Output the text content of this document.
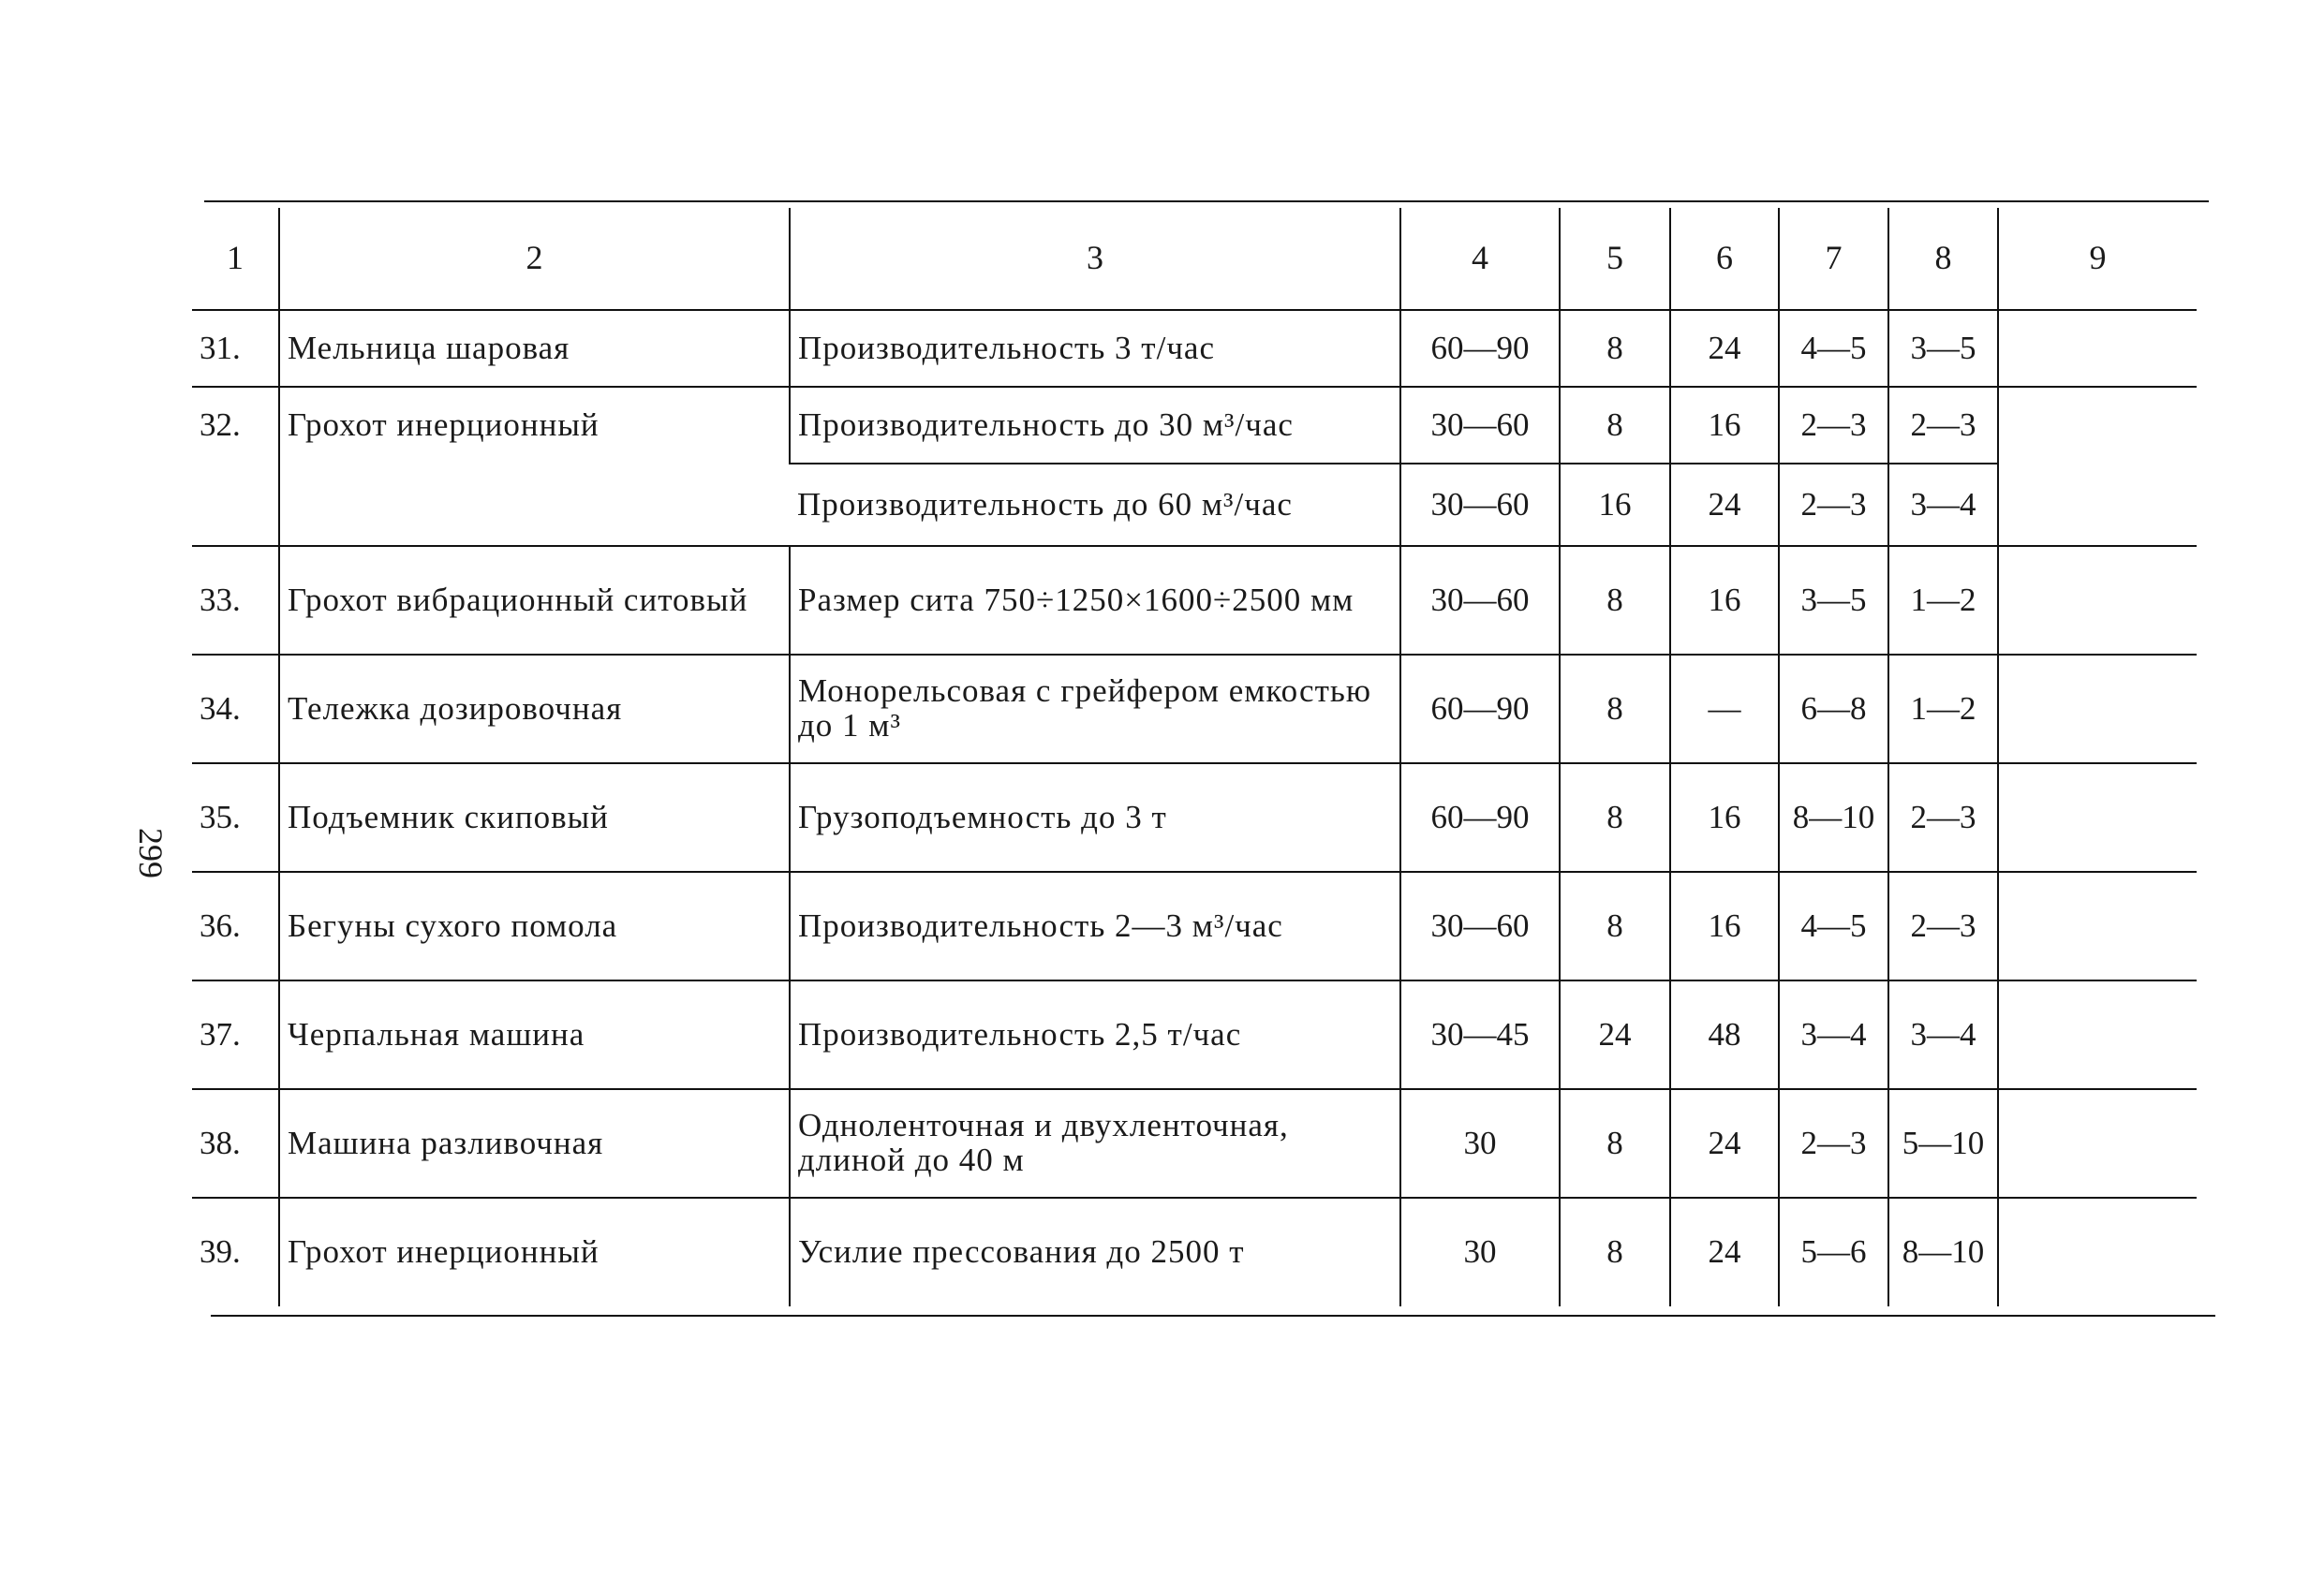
299
1	2	3	4	5	6	7	8	9
31.	Мельница шаровая	Производительность 3 т/час	60—90	8	24	4—5	3—5	
32.	Грохот инерционный	Производительность до 30 м³/час	30—60	8	16	2—3	2—3	
		Производительность до 60 м³/час	30—60	16	24	2—3	3—4	
33.	Грохот вибрационный ситовый	Размер сита 750÷1250×1600÷2500 мм	30—60	8	16	3—5	1—2	
34.	Тележка дозировочная	Монорельсовая с грейфером емкостью до 1 м³	60—90	8	—	6—8	1—2	
35.	Подъемник скиповый	Грузоподъемность до 3 т	60—90	8	16	8—10	2—3	
36.	Бегуны сухого помола	Производительность 2—3 м³/час	30—60	8	16	4—5	2—3	
37.	Черпальная машина	Производительность 2,5 т/час	30—45	24	48	3—4	3—4	
38.	Машина разливочная	Одноленточная и двухленточная, длиной до 40 м	30	8	24	2—3	5—10	
39.	Грохот инерционный	Усилие прессования до 2500 т	30	8	24	5—6	8—10	
